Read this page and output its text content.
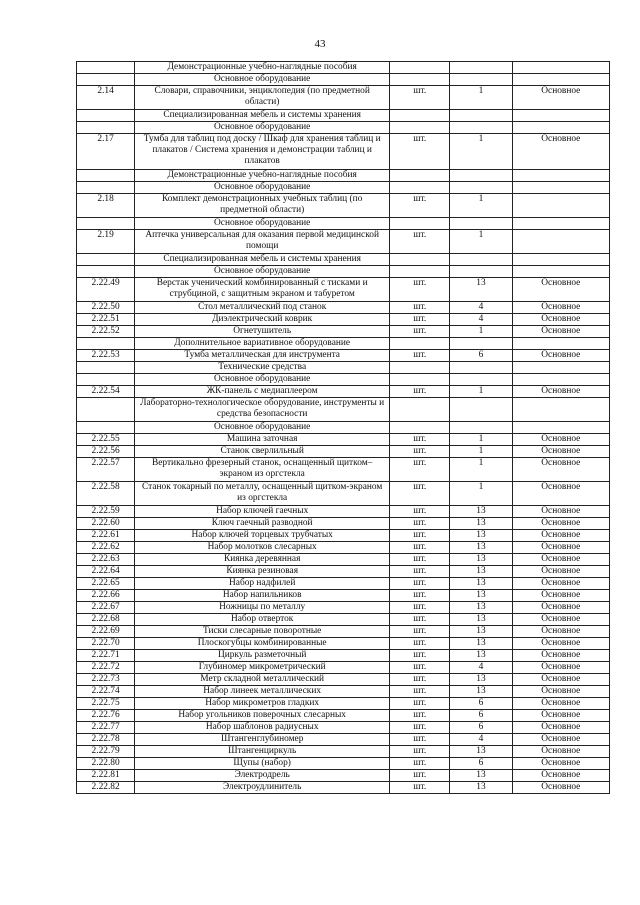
43
	Демонстрационные учебно-наглядные пособия			
	Основное оборудование			
2.14	Словари, справочники, энциклопедия (по предметной области)	шт.	1	Основное
	Специализированная мебель и системы хранения			
	Основное оборудование			
2.17	Тумба для таблиц под доску / Шкаф для хранения таблиц и плакатов / Система хранения и демонстрации таблиц и плакатов	шт.	1	Основное
	Демонстрационные учебно-наглядные пособия			
	Основное оборудование			
2.18	Комплект демонстрационных учебных таблиц (по предметной области)	шт.	1	
	Основное оборудование			
2.19	Аптечка универсальная для оказания первой медицинской помощи	шт.	1	
	Специализированная мебель и системы хранения			
	Основное оборудование			
2.22.49	Верстак ученический комбинированный с тисками и струбциной, с защитным экраном и табуретом	шт.	13	Основное
2.22.50	Стол металлический под станок	шт.	4	Основное
2.22.51	Диэлектрический коврик	шт.	4	Основное
2.22.52	Огнетушитель	шт.	1	Основное
	Дополнительное вариативное оборудование			
2.22.53	Тумба металлическая для инструмента	шт.	6	Основное
	Технические средства			
	Основное оборудование			
2.22.54	ЖК-панель с медиаплеером	шт.	1	Основное
	Лабораторно-технологическое оборудование, инструменты и средства безопасности			
	Основное оборудование			
2.22.55	Машина заточная	шт.	1	Основное
2.22.56	Станок сверлильный	шт.	1	Основное
2.22.57	Вертикально фрезерный станок, оснащенный щитком–экраном из оргстекла	шт.	1	Основное
2.22.58	Станок токарный по металлу, оснащенный щитком-экраном из оргстекла	шт.	1	Основное
2.22.59	Набор ключей гаечных	шт.	13	Основное
2.22.60	Ключ гаечный разводной	шт.	13	Основное
2.22.61	Набор ключей торцевых трубчатых	шт.	13	Основное
2.22.62	Набор молотков слесарных	шт.	13	Основное
2.22.63	Киянка деревянная	шт.	13	Основное
2.22.64	Киянка резиновая	шт.	13	Основное
2.22.65	Набор надфилей	шт.	13	Основное
2.22.66	Набор напильников	шт.	13	Основное
2.22.67	Ножницы по металлу	шт.	13	Основное
2.22.68	Набор отверток	шт.	13	Основное
2.22.69	Тиски слесарные поворотные	шт.	13	Основное
2.22.70	Плоскогубцы комбинированные	шт.	13	Основное
2.22.71	Циркуль разметочный	шт.	13	Основное
2.22.72	Глубиномер микрометрический	шт.	4	Основное
2.22.73	Метр складной металлический	шт.	13	Основное
2.22.74	Набор линеек металлических	шт.	13	Основное
2.22.75	Набор микрометров гладких	шт.	6	Основное
2.22.76	Набор угольников поверочных слесарных	шт.	6	Основное
2.22.77	Набор шаблонов радиусных	шт.	6	Основное
2.22.78	Штангенглубиномер	шт.	4	Основное
2.22.79	Штангенциркуль	шт.	13	Основное
2.22.80	Щупы (набор)	шт.	6	Основное
2.22.81	Электродрель	шт.	13	Основное
2.22.82	Электроудлинитель	шт.	13	Основное
